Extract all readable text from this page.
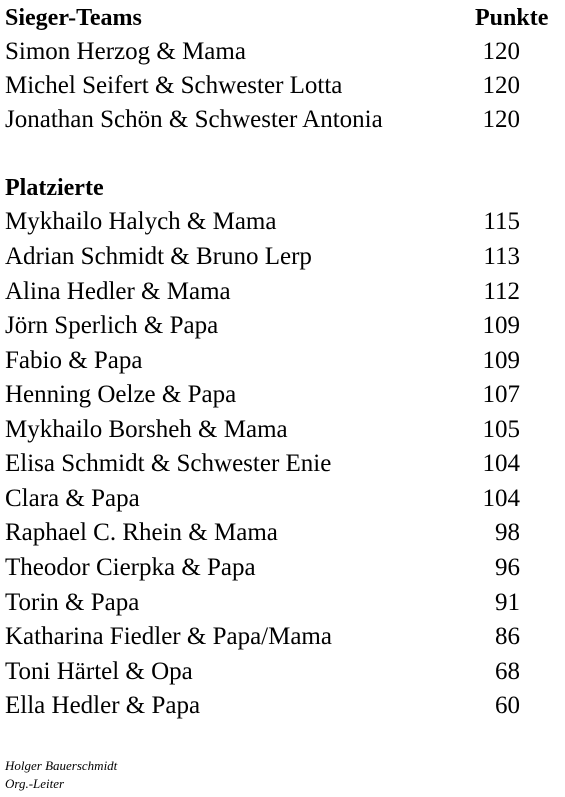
Sieger-Teams	Punkte
Simon Herzog & Mama	120
Michel Seifert & Schwester Lotta	120
Jonathan Schön & Schwester Antonia	120
Platzierte
Mykhailo Halych & Mama	115
Adrian Schmidt & Bruno Lerp	113
Alina Hedler & Mama	112
Jörn Sperlich & Papa	109
Fabio & Papa	109
Henning Oelze & Papa	107
Mykhailo Borsheh & Mama	105
Elisa Schmidt & Schwester Enie	104
Clara & Papa	104
Raphael C. Rhein & Mama	98
Theodor Cierpka & Papa	96
Torin & Papa	91
Katharina Fiedler & Papa/Mama	86
Toni Härtel & Opa	68
Ella Hedler & Papa	60
Holger Bauerschmidt
Org.-Leiter
